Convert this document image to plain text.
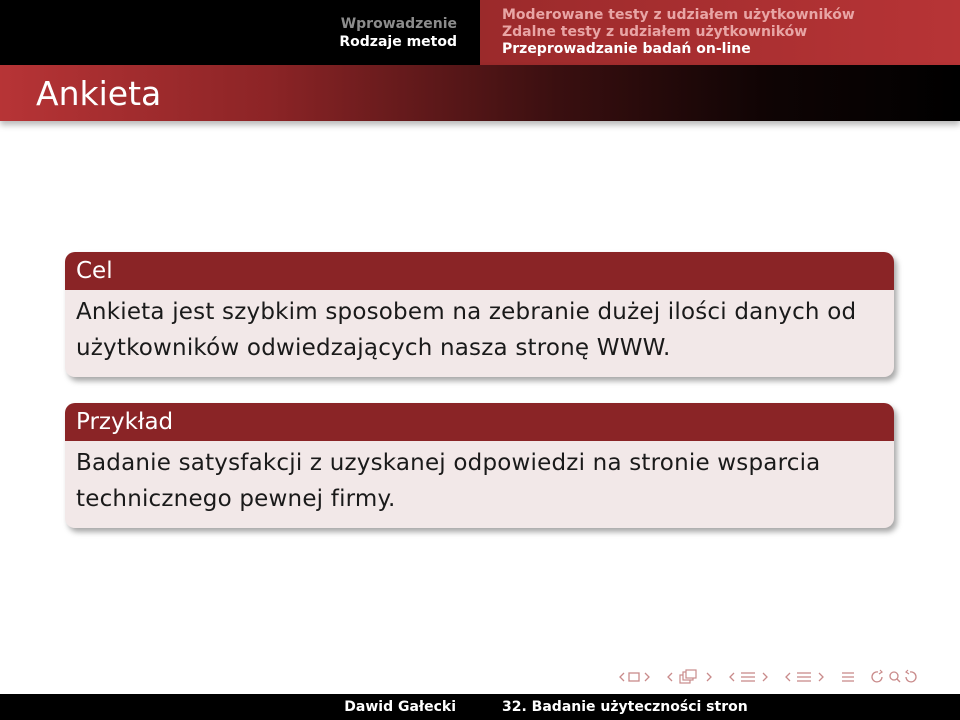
Wprowadzenie
Rodzaje metod
Moderowane testy z udziałem użytkowników
Zdalne testy z udziałem użytkowników
Przeprowadzanie badań on-line
Ankieta
Cel
Ankieta jest szybkim sposobem na zebranie dużej ilości danych od użytkowników odwiedzających nasza stronę WWW.
Przykład
Badanie satysfakcji z uzyskanej odpowiedzi na stronie wsparcia technicznego pewnej firmy.
Dawid Gałecki	32. Badanie użyteczności stron
